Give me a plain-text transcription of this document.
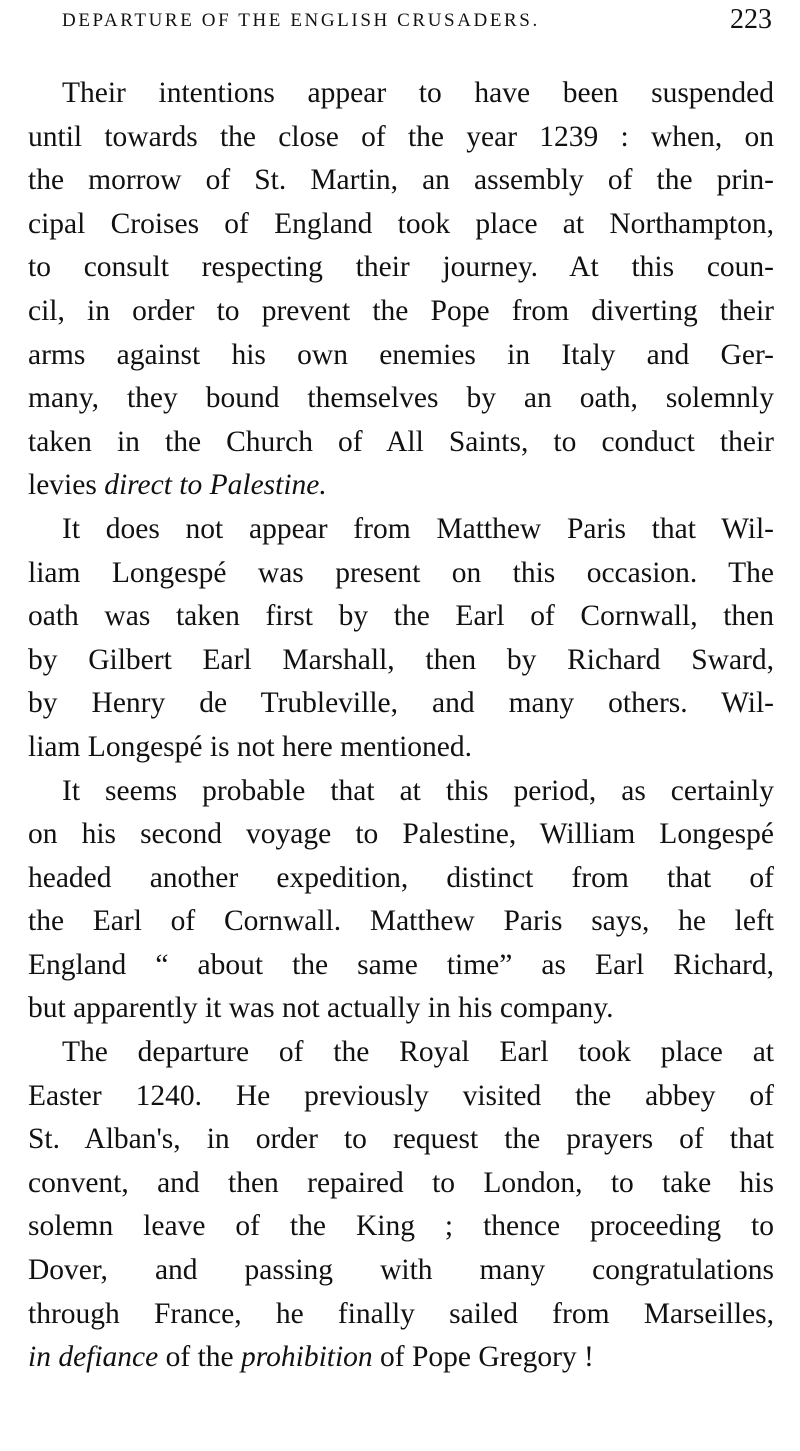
DEPARTURE OF THE ENGLISH CRUSADERS.	223
Their intentions appear to have been suspended
until towards the close of the year 1239 : when, on
the morrow of St. Martin, an assembly of the prin-
cipal Croises of England took place at Northampton,
to consult respecting their journey. At this coun-
cil, in order to prevent the Pope from diverting their
arms against his own enemies in Italy and Ger-
many, they bound themselves by an oath, solemnly
taken in the Church of All Saints, to conduct their
levies direct to Palestine.
It does not appear from Matthew Paris that Wil-
liam Longespé was present on this occasion. The
oath was taken first by the Earl of Cornwall, then
by Gilbert Earl Marshall, then by Richard Sward,
by Henry de Trubleville, and many others. Wil-
liam Longespé is not here mentioned.
It seems probable that at this period, as certainly
on his second voyage to Palestine, William Longespé
headed another expedition, distinct from that of
the Earl of Cornwall. Matthew Paris says, he left
England “ about the same time” as Earl Richard,
but apparently it was not actually in his company.
The departure of the Royal Earl took place at
Easter 1240. He previously visited the abbey of
St. Alban's, in order to request the prayers of that
convent, and then repaired to London, to take his
solemn leave of the King ; thence proceeding to
Dover, and passing with many congratulations
through France, he finally sailed from Marseilles,
in defiance of the prohibition of Pope Gregory !
